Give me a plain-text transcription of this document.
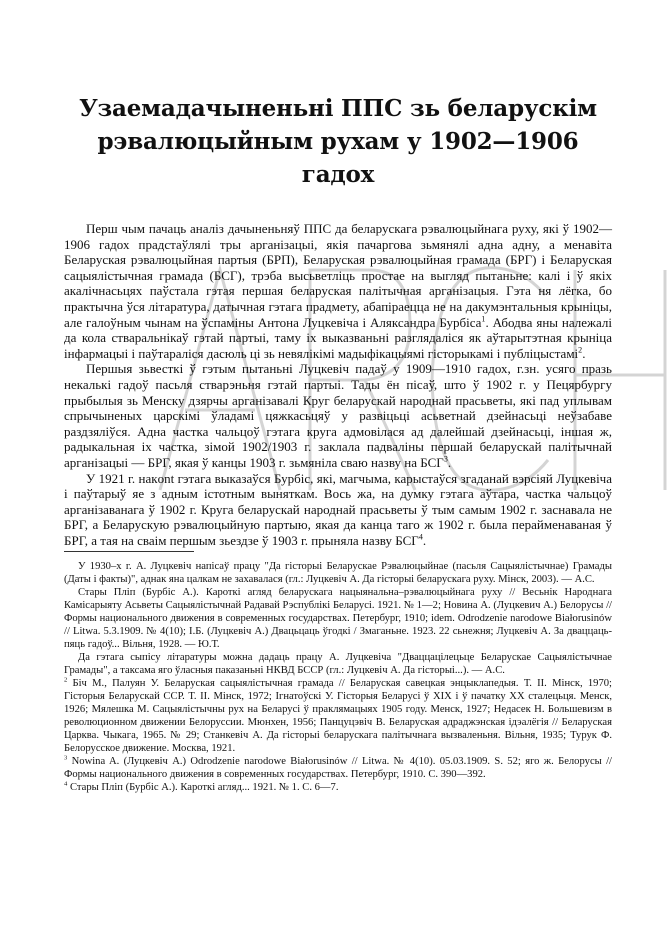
Узаемадачыненьні ППС зь беларускім рэвалюцыйным рухам у 1902—1906 гадох

Перш чым пачаць аналіз дачыненьняў ППС да беларускага рэвалюцыйнага руху, які ў 1902—1906 гадох прадстаўлялі тры арганізацыі, якія пачаргова зьмянялі адна адну, а менавіта Беларуская рэвалюцыйная партыя (БРП), Беларуская рэвалюцыйная грамада (БРГ) і Беларуская сацыялістычная грамада (БСГ), трэба высьветліць простае на выгляд пытаньне: калі і ў якіх акалічнасьцях паўстала гэтая першая беларуская палітычная арганізацыя. Гэта ня лёгка, бо практычна ўся літаратура, датычная гэтага прадмету, абапіраецца не на дакумэнтальныя крыніцы, але галоўным чынам на ўспаміны Антона Луцкевіча і Аляксандра Бурбіса$^1$. Абодва яны належалі да кола стваральнікаў гэтай партыі, таму іх выказваньні разглядаліся як аўтарытэтная крыніца інфармацыі і паўтараліся дасюль ці зь невялікімі мадыфікацыямі гісторыкамі і публіцыстамі$^2$.

Першыя зьвесткі ў гэтым пытаньні Луцкевіч падаў у 1909—1910 гадох, г.зн. усяго празь некалькі гадоў пасьля стварэньня гэтай партыі. Тады ён пісаў, што ў 1902 г. у Пецярбургу прыбылыя зь Менску дзярчы арганізавалі Круг беларускай народнай прасьветы, які пад уплывам спрычыненых царскімі ўладамі цяжкасьцяў у развіцьці асьветнай дзейнасьці неўзабаве раздзяліўся. Адна частка чальцоў гэтага круга адмовілася ад далейшай дзейнасьці, іншая ж, радыкальная іх частка, зімой 1902/1903 г. заклала падваліны першай беларускай палітычнай арганізацыі — БРГ, якая ў канцы 1903 г. зьмяніла сваю назву на БСГ$^3$.

У 1921 г. накont гэтага выказаўся Бурбіс, які, магчыма, карыстаўся згаданай вэрсіяй Луцкевіча і паўтарыў яе з адным істотным выняткам. Вось жа, на думку гэтага аўтара, частка чальцоў арганізаванага ў 1902 г. Круга беларускай народнай прасьветы ў тым самым 1902 г. заснавала не БРГ, а Беларускую рэвалюцыйную партыю, якая да канца таго ж 1902 г. была перайменаваная ў БРГ, а тая на сваім першым зьездзе ў 1903 г. прыняла назву БСГ$^4$.

У 1930–х г. А. Луцкевіч напісаў працу "Да гісторыі Беларускае Рэвалюцыйнае (пасьля Сацыялістычнае) Грамады (Даты і факты)", аднак яна цалкам не захавалася (гл.: Луцкевіч А. Да гісторыі беларускага руху. Мінск, 2003). — А.С.

Стары Пліп (Бурбіс А.). Кароткі агляд беларускага нацыянальна–рэвалюцыйнага руху // Весьнік Народнага Камісарыяту Асьветы Сацыялістычнай Радавай Рэспублікі Беларусі. 1921. № 1—2; Новина А. (Луцкевич А.) Белорусы // Формы национального движения в современных государствах. Петербург, 1910; idem. Odrodzenie narodowe Białorusinów // Litwa. 5.3.1909. № 4(10); І.Б. (Луцкевіч А.) Двацьцаць ўгодкі / Змаганьне. 1923. 22 сьнежня; Луцкевіч А. За дваццаць-пяць гадоў... Вільня, 1928. — Ю.Т.

Да гэтага сыпісу літаратуры можна дадаць працу А. Луцкевіча "Дваццацілецьце Беларускае Сацыялістычнае Грамады", а таксама яго ўласныя паказаньні НКВД БССР (гл.: Луцкевіч А. Да гісторыі...). — А.С.

$^2$ Біч М., Палуян У. Беларуская сацыялістычная грамада // Беларуская савецкая энцыклапедыя. Т. II. Мінск, 1970; Гісторыя Беларускай ССР. Т. II. Мінск, 1972; Ігнатоўскі У. Гісторыя Беларусі ў XIX і ў пачатку XX сталецьця. Менск, 1926; Мялешка М. Сацыялістычны рух на Беларусі ў праклямацыях 1905 году. Менск, 1927; Недасек Н. Большевизм в революционном движении Белоруссии. Мюнхен, 1956; Панцуцэвіч В. Беларуская адраджэнская ідэалёгія // Беларуская Царква. Чыкага, 1965. № 29; Станкевіч А. Да гісторыі беларускага палітычнага вызваленьня. Вільня, 1935; Турук Ф. Белорусское движение. Москва, 1921.

$^3$ Nowina A. (Луцкевіч А.) Odrodzenie narodowe Białorusinów // Litwa. № 4(10). 05.03.1909. S. 52; яго ж. Белорусы // Формы национального движения в современных государствах. Петербург, 1910. С. 390—392.

$^4$ Стары Пліп (Бурбіс А.). Кароткі агляд... 1921. № 1. С. 6—7.
